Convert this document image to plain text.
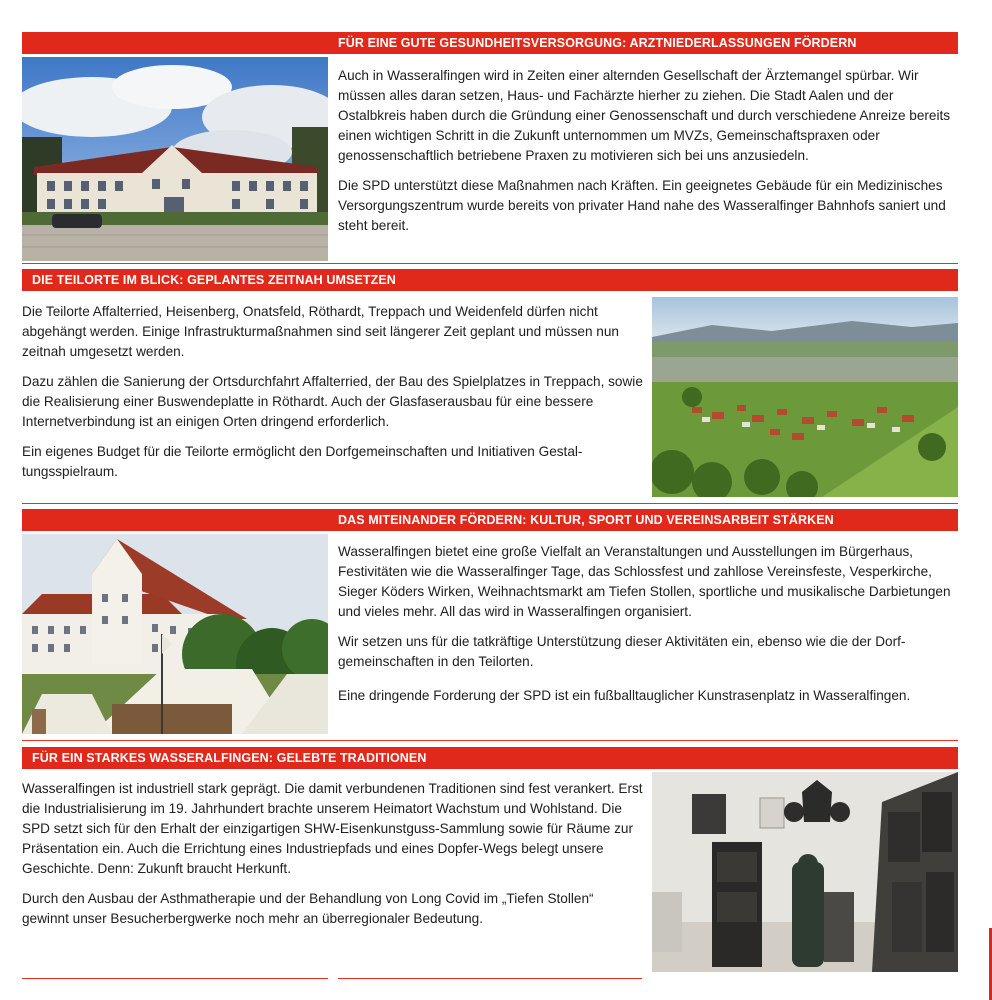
FÜR EINE GUTE GESUNDHEITSVERSORGUNG: ARZTNIEDERLASSUNGEN FÖRDERN

Auch in Wasseralfingen wird in Zeiten einer alternden Gesellschaft der Ärztemangel spürbar. Wir müssen alles daran setzen, Haus- und Fachärzte hierher zu ziehen. Die Stadt Aalen und der Ostalbkreis haben durch die Gründung einer Genossenschaft und durch verschiedene Anreize bereits einen wichtigen Schritt in die Zukunft unternommen um MVZs, Gemeinschaftspraxen oder genossenschaftlich betriebene Praxen zu motivieren sich bei uns anzusiedeln.

Die SPD unterstützt diese Maßnahmen nach Kräften. Ein geeignetes Gebäude für ein Medizinisches Versorgungszentrum wurde bereits von privater Hand nahe des Wasseralfinger Bahnhofs saniert und steht bereit.

DIE TEILORTE IM BLICK: GEPLANTES ZEITNAH UMSETZEN

Die Teilorte Affalterried, Heisenberg, Onatsfeld, Röthardt, Treppach und Weidenfeld dürfen nicht abgehängt werden. Einige Infrastrukturmaßnahmen sind seit längerer Zeit geplant und müssen nun zeitnah umgesetzt werden.

Dazu zählen die Sanierung der Ortsdurchfahrt Affalterried, der Bau des Spielplatzes in Treppach, sowie die Realisierung einer Buswendeplatte in Röthardt. Auch der Glasfaserausbau für eine bessere Internetverbindung ist an einigen Orten dringend erforderlich.

Ein eigenes Budget für die Teilorte ermöglicht den Dorfgemeinschaften und Initiativen Gestaltungsspielraum.

DAS MITEINANDER FÖRDERN: KULTUR, SPORT UND VEREINSARBEIT STÄRKEN

Wasseralfingen bietet eine große Vielfalt an Veranstaltungen und Ausstellungen im Bürgerhaus, Festivitäten wie die Wasseralfinger Tage, das Schlossfest und zahllose Vereinsfeste, Vesperkirche, Sieger Köders Wirken, Weihnachtsmarkt am Tiefen Stollen, sportliche und musikalische Darbietungen und vieles mehr. All das wird in Wasseralfingen organisiert.

Wir setzen uns für die tatkräftige Unterstützung dieser Aktivitäten ein, ebenso wie die der Dorfgemeinschaften in den Teilorten.

Eine dringende Forderung der SPD ist ein fußballtauglicher Kunstrasenplatz in Wasseralfingen.

FÜR EIN STARKES WASSERALFINGEN: GELEBTE TRADITIONEN

Wasseralfingen ist industriell stark geprägt. Die damit verbundenen Traditionen sind fest verankert. Erst die Industrialisierung im 19. Jahrhundert brachte unserem Heimatort Wachstum und Wohlstand. Die SPD setzt sich für den Erhalt der einzigartigen SHW-Eisenkunstguss-Sammlung sowie für Räume zur Präsentation ein. Auch die Errichtung eines Industriepfads und eines Dopfer-Wegs belegt unsere Geschichte. Denn: Zukunft braucht Herkunft.

Durch den Ausbau der Asthmatherapie und der Behandlung von Long Covid im „Tiefen Stollen“ gewinnt unser Besucherbergwerke noch mehr an überregionaler Bedeutung.
